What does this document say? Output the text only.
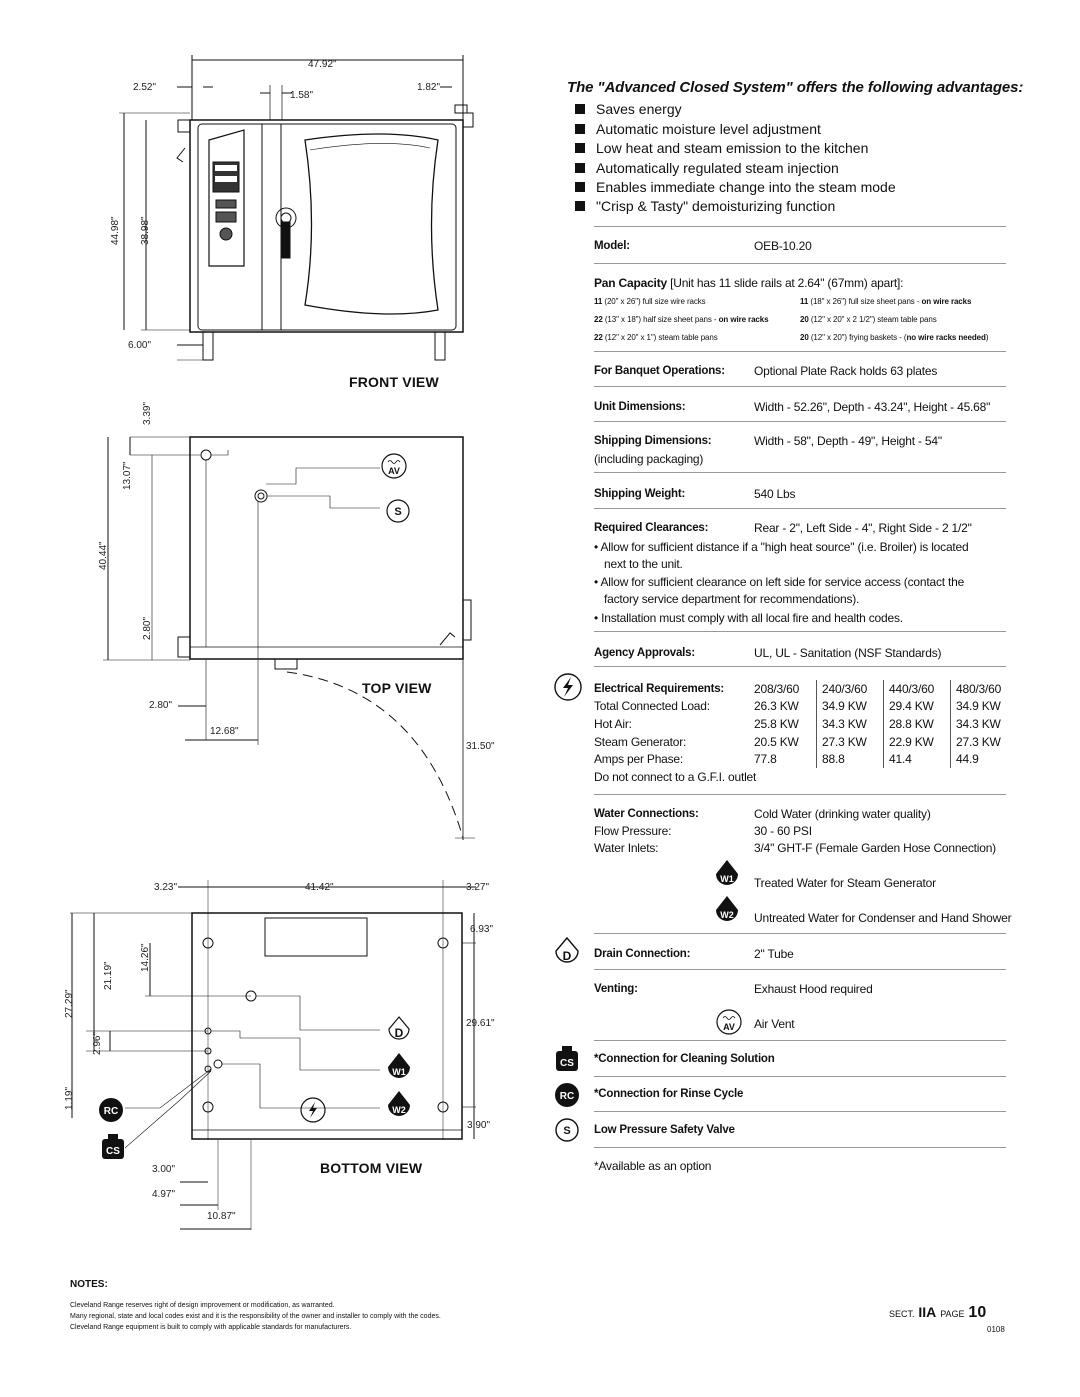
47.92"
2.52"
1.58"
1.82"
44.98" 38.98"
6.00"
FRONT VIEW
3.39"
13.07"
40.44"
2.80"
2.80"
12.68"
31.50"
TOP VIEW
3.23"	41.42"	3.27"
27.29"
21.19"
14.26"
2.96"
1.19"
6.93"
29.61"
3.90"
3.00"
4.97"
10.87"
BOTTOM VIEW
AV
S
D
W1
W2
RC
CS
The "Advanced Closed System" offers the following advantages:
Saves energy
Automatic moisture level adjustment
Low heat and steam emission to the kitchen
Automatically regulated steam injection
Enables immediate change into the steam mode
"Crisp & Tasty" demoisturizing function
Model:	OEB-10.20
Pan Capacity [Unit has 11 slide rails at 2.64" (67mm) apart]:
11 (20" x 26") full size wire racks	11 (18" x 26") full size sheet pans - on wire racks
22 (13" x 18") half size sheet pans - on wire racks	20 (12" x 20" x 2 1/2") steam table pans
22 (12" x 20" x 1") steam table pans	20 (12" x 20") frying baskets - (no wire racks needed)
For Banquet Operations: Optional Plate Rack holds 63 plates
Unit Dimensions:	Width - 52.26", Depth - 43.24", Height - 45.68"
Shipping Dimensions:	Width - 58", Depth - 49", Height - 54"
(including packaging)
Shipping Weight:	540 Lbs
Required Clearances:	Rear - 2", Left Side - 4", Right Side - 2 1/2"
• Allow for sufficient distance if a "high heat source" (i.e. Broiler) is located
next to the unit.
• Allow for sufficient clearance on left side for service access (contact the
factory service department for recommendations).
• Installation must comply with all local fire and health codes.
Agency Approvals:	UL, UL - Sanitation (NSF Standards)
Electrical Requirements: 208/3/60 240/3/60 440/3/60 480/3/60
Total Connected Load:	26.3 KW 34.9 KW 29.4 KW 34.9 KW
Hot Air:	25.8 KW 34.3 KW 28.8 KW 34.3 KW
Steam Generator:	20.5 KW 27.3 KW 22.9 KW 27.3 KW
Amps per Phase:	77.8	88.8	41.4	44.9
Do not connect to a G.F.I. outlet
Water Connections:	Cold Water (drinking water quality)
Flow Pressure:	30 - 60 PSI
Water Inlets:	3/4" GHT-F (Female Garden Hose Connection)
W1 Treated Water for Steam Generator
W2 Untreated Water for Condenser and Hand Shower
D Drain Connection:	2" Tube
Venting:	Exhaust Hood required
AV Air Vent
CS *Connection for Cleaning Solution
RC *Connection for Rinse Cycle
S Low Pressure Safety Valve
*Available as an option
NOTES:
Cleveland Range reserves right of design improvement or modification, as warranted.
Many regional, state and local codes exist and it is the responsibility of the owner and installer to comply with the codes.
Cleveland Range equipment is built to comply with applicable standards for manufacturers.
SECT. IIA PAGE 10
0108
